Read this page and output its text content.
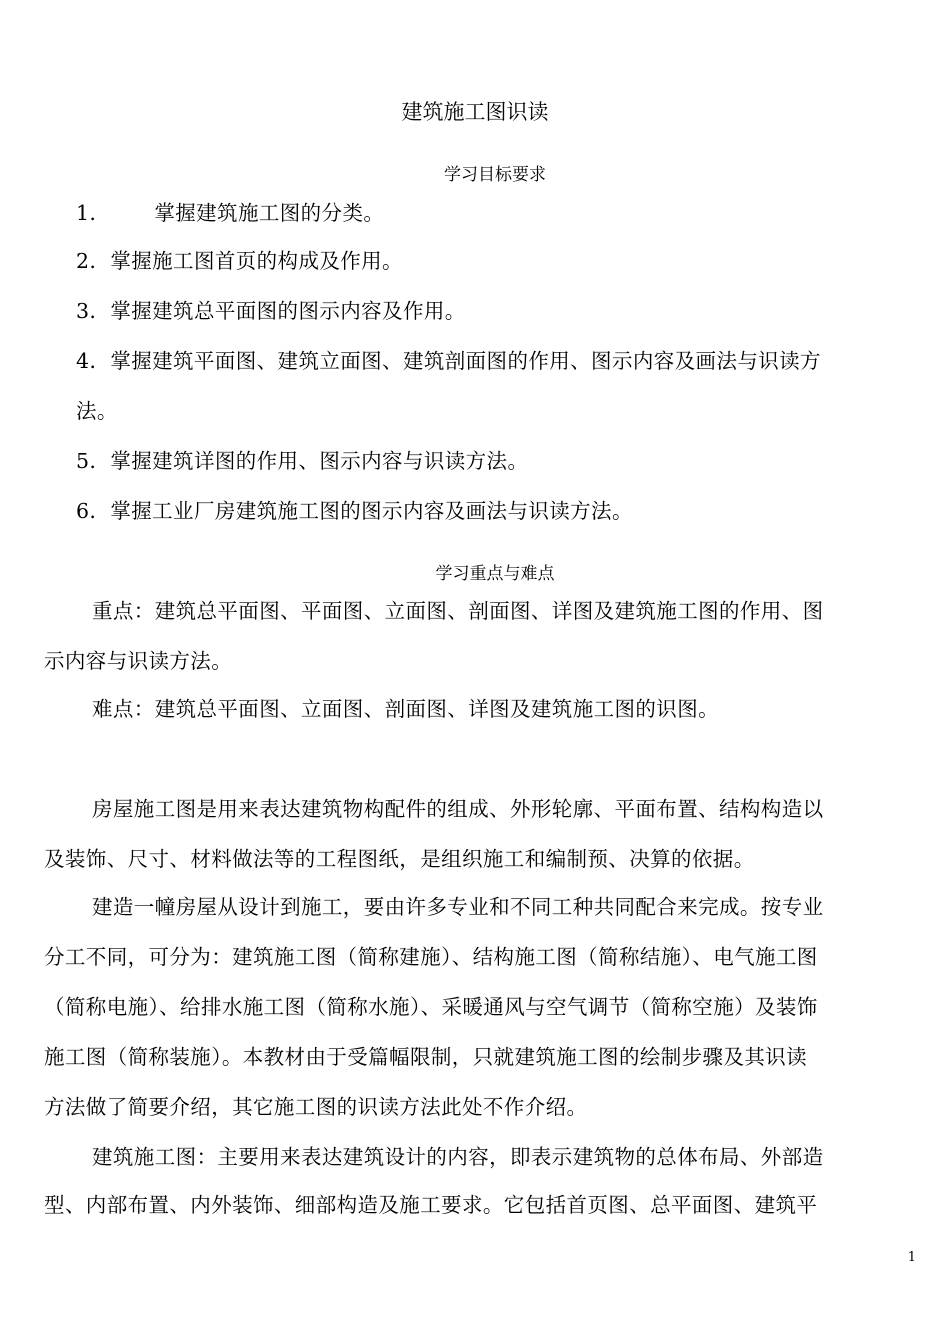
建筑施工图识读
学习目标要求
1． 掌握建筑施工图的分类。
2．掌握施工图首页的构成及作用。
3．掌握建筑总平面图的图示内容及作用。
4．掌握建筑平面图、建筑立面图、建筑剖面图的作用、图示内容及画法与识读方
法。
5．掌握建筑详图的作用、图示内容与识读方法。
6．掌握工业厂房建筑施工图的图示内容及画法与识读方法。
学习重点与难点
重点：建筑总平面图、平面图、立面图、剖面图、详图及建筑施工图的作用、图
示内容与识读方法。
难点：建筑总平面图、立面图、剖面图、详图及建筑施工图的识图。
房屋施工图是用来表达建筑物构配件的组成、外形轮廓、平面布置、结构构造以
及装饰、尺寸、材料做法等的工程图纸，是组织施工和编制预、决算的依据。
建造一幢房屋从设计到施工，要由许多专业和不同工种共同配合来完成。按专业
分工不同，可分为：建筑施工图（简称建施）、结构施工图（简称结施）、电气施工图
（简称电施）、给排水施工图（简称水施）、采暖通风与空气调节（简称空施）及装饰
施工图（简称装施）。本教材由于受篇幅限制，只就建筑施工图的绘制步骤及其识读
方法做了简要介绍，其它施工图的识读方法此处不作介绍。
建筑施工图：主要用来表达建筑设计的内容，即表示建筑物的总体布局、外部造
型、内部布置、内外装饰、细部构造及施工要求。它包括首页图、总平面图、建筑平
1
